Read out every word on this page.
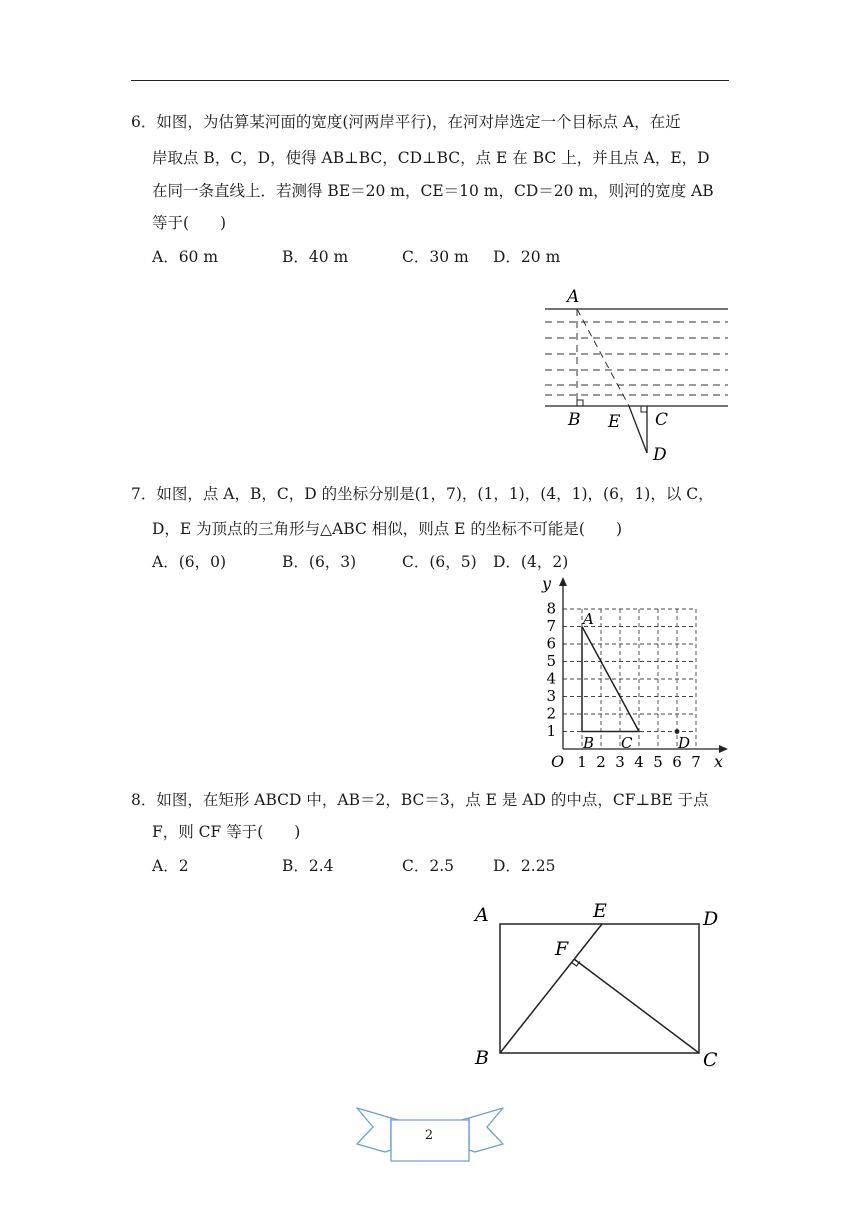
6．如图，为估算某河面的宽度(河两岸平行)，在河对岸选定一个目标点 A，在近
岸取点 B，C，D，使得 AB⊥BC，CD⊥BC，点 E 在 BC 上，并且点 A，E，D
在同一条直线上．若测得 BE＝20 m，CE＝10 m，CD＝20 m，则河的宽度 AB
等于(　　)
A．60 m	B．40 m	C．30 m D．20 m
A
B E C
D
7．如图，点 A，B，C，D 的坐标分别是(1，7)，(1，1)，(4，1)，(6，1)，以 C，
D，E 为顶点的三角形与△ABC 相似，则点 E 的坐标不可能是(　　)
A．(6，0)	B．(6，3)	C．(6，5) D．(4，2)
y
x
O
1
2
3
4
5
6
7
8
1 2 3 4 5 6 7
A
B C	D
8．如图，在矩形 ABCD 中，AB＝2，BC＝3，点 E 是 AD 的中点，CF⊥BE 于点
F，则 CF 等于(　　)
A．2	B．2.4	C．2.5	D．2.25
A	E	D
F
B	C
2
